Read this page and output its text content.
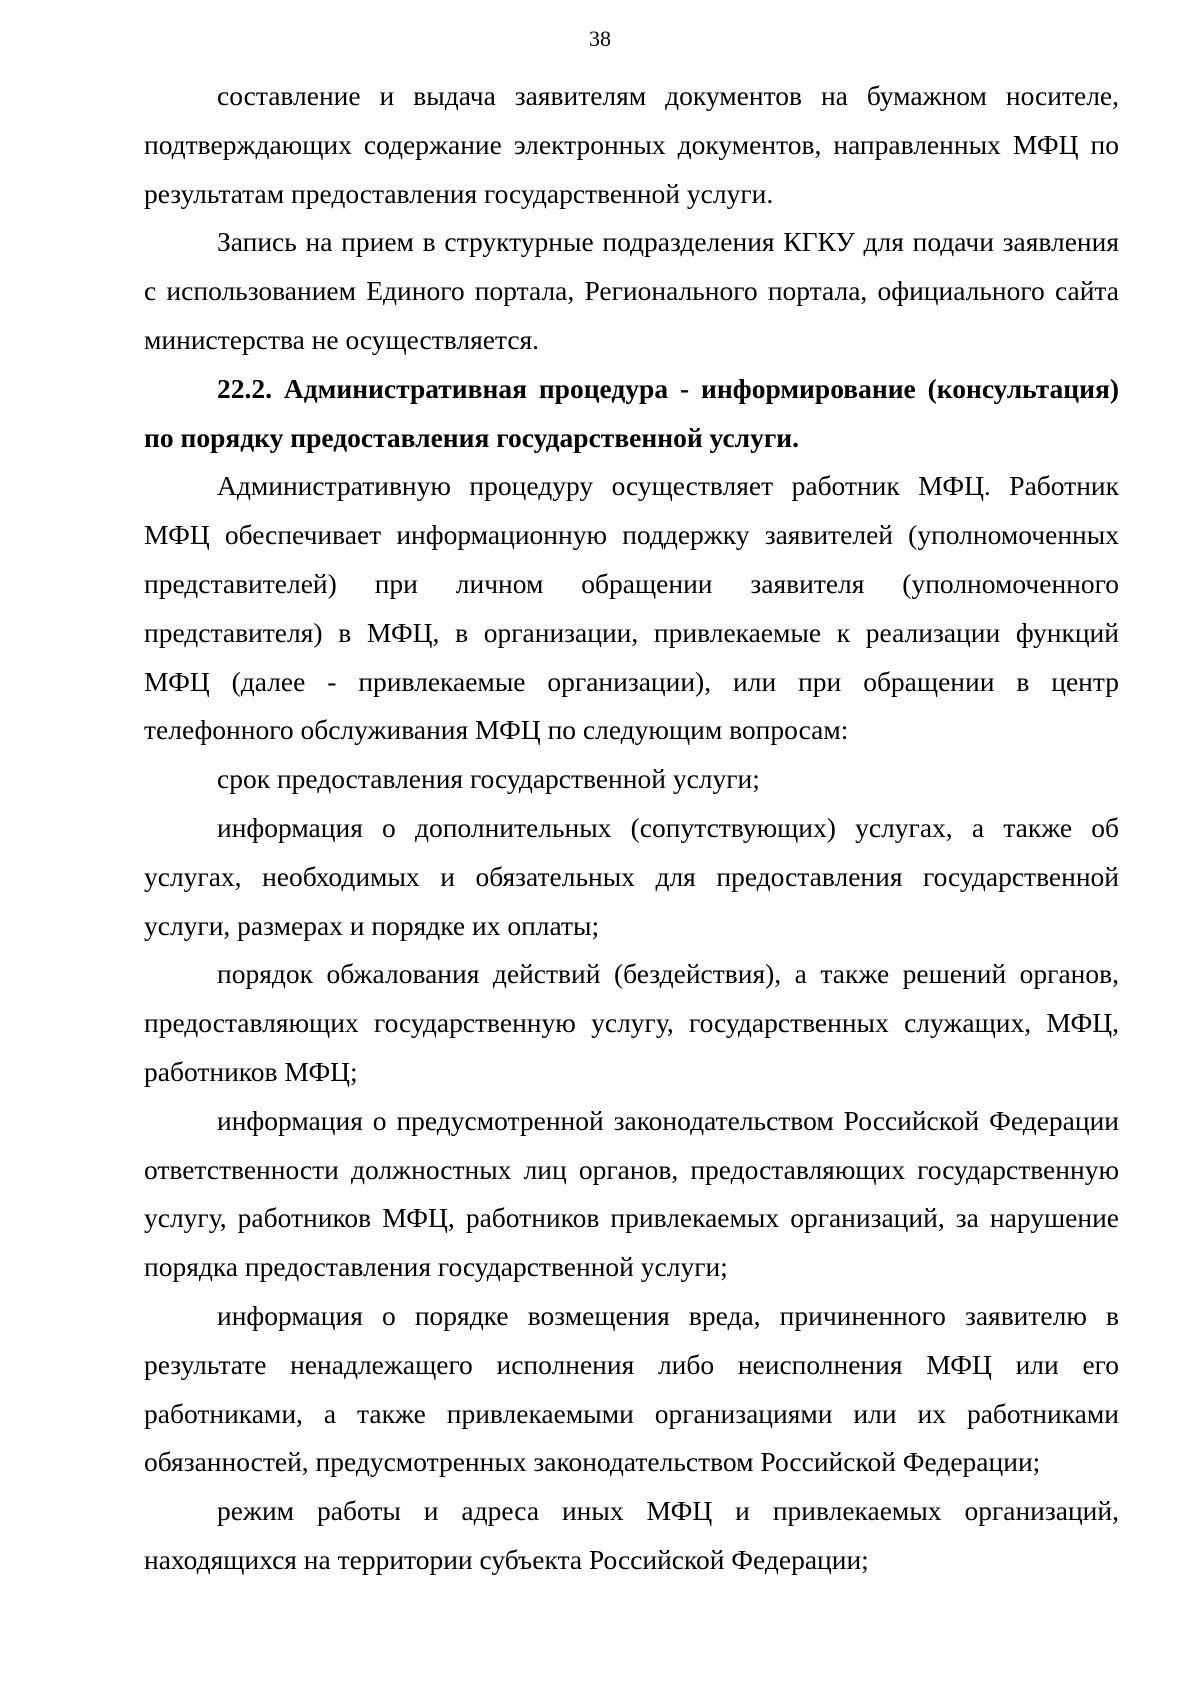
38

составление и выдача заявителям документов на бумажном носителе, подтверждающих содержание электронных документов, направленных МФЦ по результатам предоставления государственной услуги.

Запись на прием в структурные подразделения КГКУ для подачи заявления с использованием Единого портала, Регионального портала, официального сайта министерства не осуществляется.

22.2. Административная процедура - информирование (консультация) по порядку предоставления государственной услуги.

Административную процедуру осуществляет работник МФЦ. Работник МФЦ обеспечивает информационную поддержку заявителей (уполномоченных представителей) при личном обращении заявителя (уполномоченного представителя) в МФЦ, в организации, привлекаемые к реализации функций МФЦ (далее - привлекаемые организации), или при обращении в центр телефонного обслуживания МФЦ по следующим вопросам:

срок предоставления государственной услуги;

информация о дополнительных (сопутствующих) услугах, а также об услугах, необходимых и обязательных для предоставления государственной услуги, размерах и порядке их оплаты;

порядок обжалования действий (бездействия), а также решений органов, предоставляющих государственную услугу, государственных служащих, МФЦ, работников МФЦ;

информация о предусмотренной законодательством Российской Федерации ответственности должностных лиц органов, предоставляющих государственную услугу, работников МФЦ, работников привлекаемых организаций, за нарушение порядка предоставления государственной услуги;

информация о порядке возмещения вреда, причиненного заявителю в результате ненадлежащего исполнения либо неисполнения МФЦ или его работниками, а также привлекаемыми организациями или их работниками обязанностей, предусмотренных законодательством Российской Федерации;

режим работы и адреса иных МФЦ и привлекаемых организаций, находящихся на территории субъекта Российской Федерации;
